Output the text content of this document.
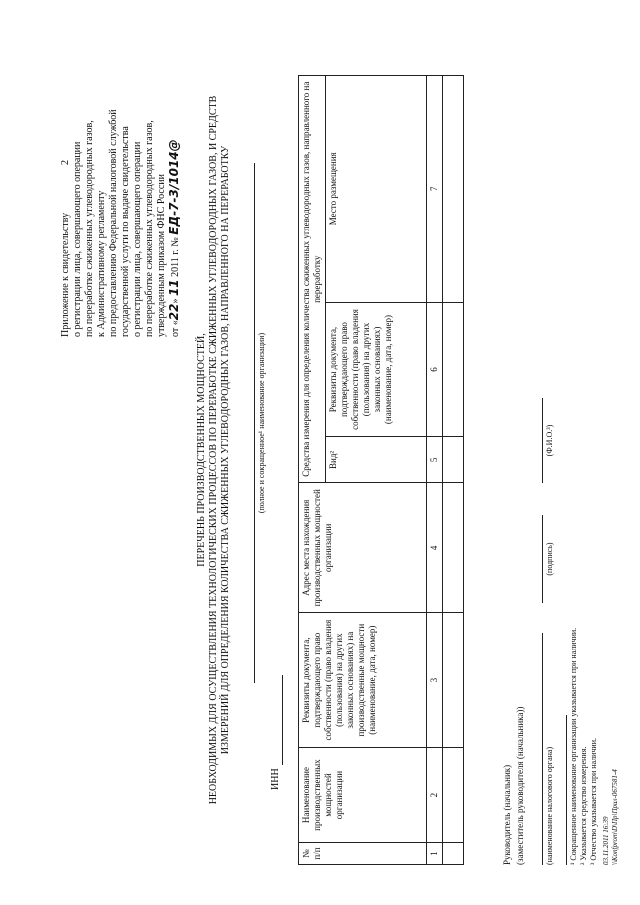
2
Приложение к свидетельству о регистрации лица, совершающего операции по переработке сжиженных углеводородных газов, к Административному регламенту по предоставлению Федеральной налоговой службой государственной услуги по выдаче свидетельства о регистрации лица, совершающего операции по переработке сжиженных углеводородных газов, утвержденным приказом ФНС России от «22» 11 2011 г. № ЕД-7-3/1014@
ПЕРЕЧЕНЬ ПРОИЗВОДСТВЕННЫХ МОЩНОСТЕЙ, НЕОБХОДИМЫХ ДЛЯ ОСУЩЕСТВЛЕНИЯ ТЕХНОЛОГИЧЕСКИХ ПРОЦЕССОВ ПО ПЕРЕРАБОТКЕ СЖИЖЕННЫХ УГЛЕВОДОРОДНЫХ ГАЗОВ, И СРЕДСТВ ИЗМЕРЕНИЙ ДЛЯ ОПРЕДЕЛЕНИЯ КОЛИЧЕСТВА СЖИЖЕННЫХ УГЛЕВОДОРОДНЫХ ГАЗОВ, НАПРАВЛЕННОГО НА ПЕРЕРАБОТКУ	(полное и сокращенное¹ наименование организации)
ИНН
№ п/п	Наименование производственных мощностей организации	Реквизиты документа, подтверждающего право собственности (право владения (пользования) на других законных основаниях) на производственные мощности (наименование, дата, номер)	Адрес места нахождения производственных мощностей организации	Средства измерения для определения количества сжиженных углеводородных газов, направленного на переработку		
				Вид²	Реквизиты документа, подтверждающего право собственности (право владения (пользования) на других законных основаниях) (наименование, дата, номер)	Место размещения
1	2	3	4	5	6	7

Руководитель (начальник) (заместитель руководителя (начальника))	(наименование налогового органа)
(подпись)
(Ф.И.О.³)
¹ Сокращенное наименование организации указывается при наличии. ² Указывается средство измерения. ³ Отчество указывается при наличии. 03.11.2011 16:39 \\Konfprom\D\Пр\Прил-067581-4
